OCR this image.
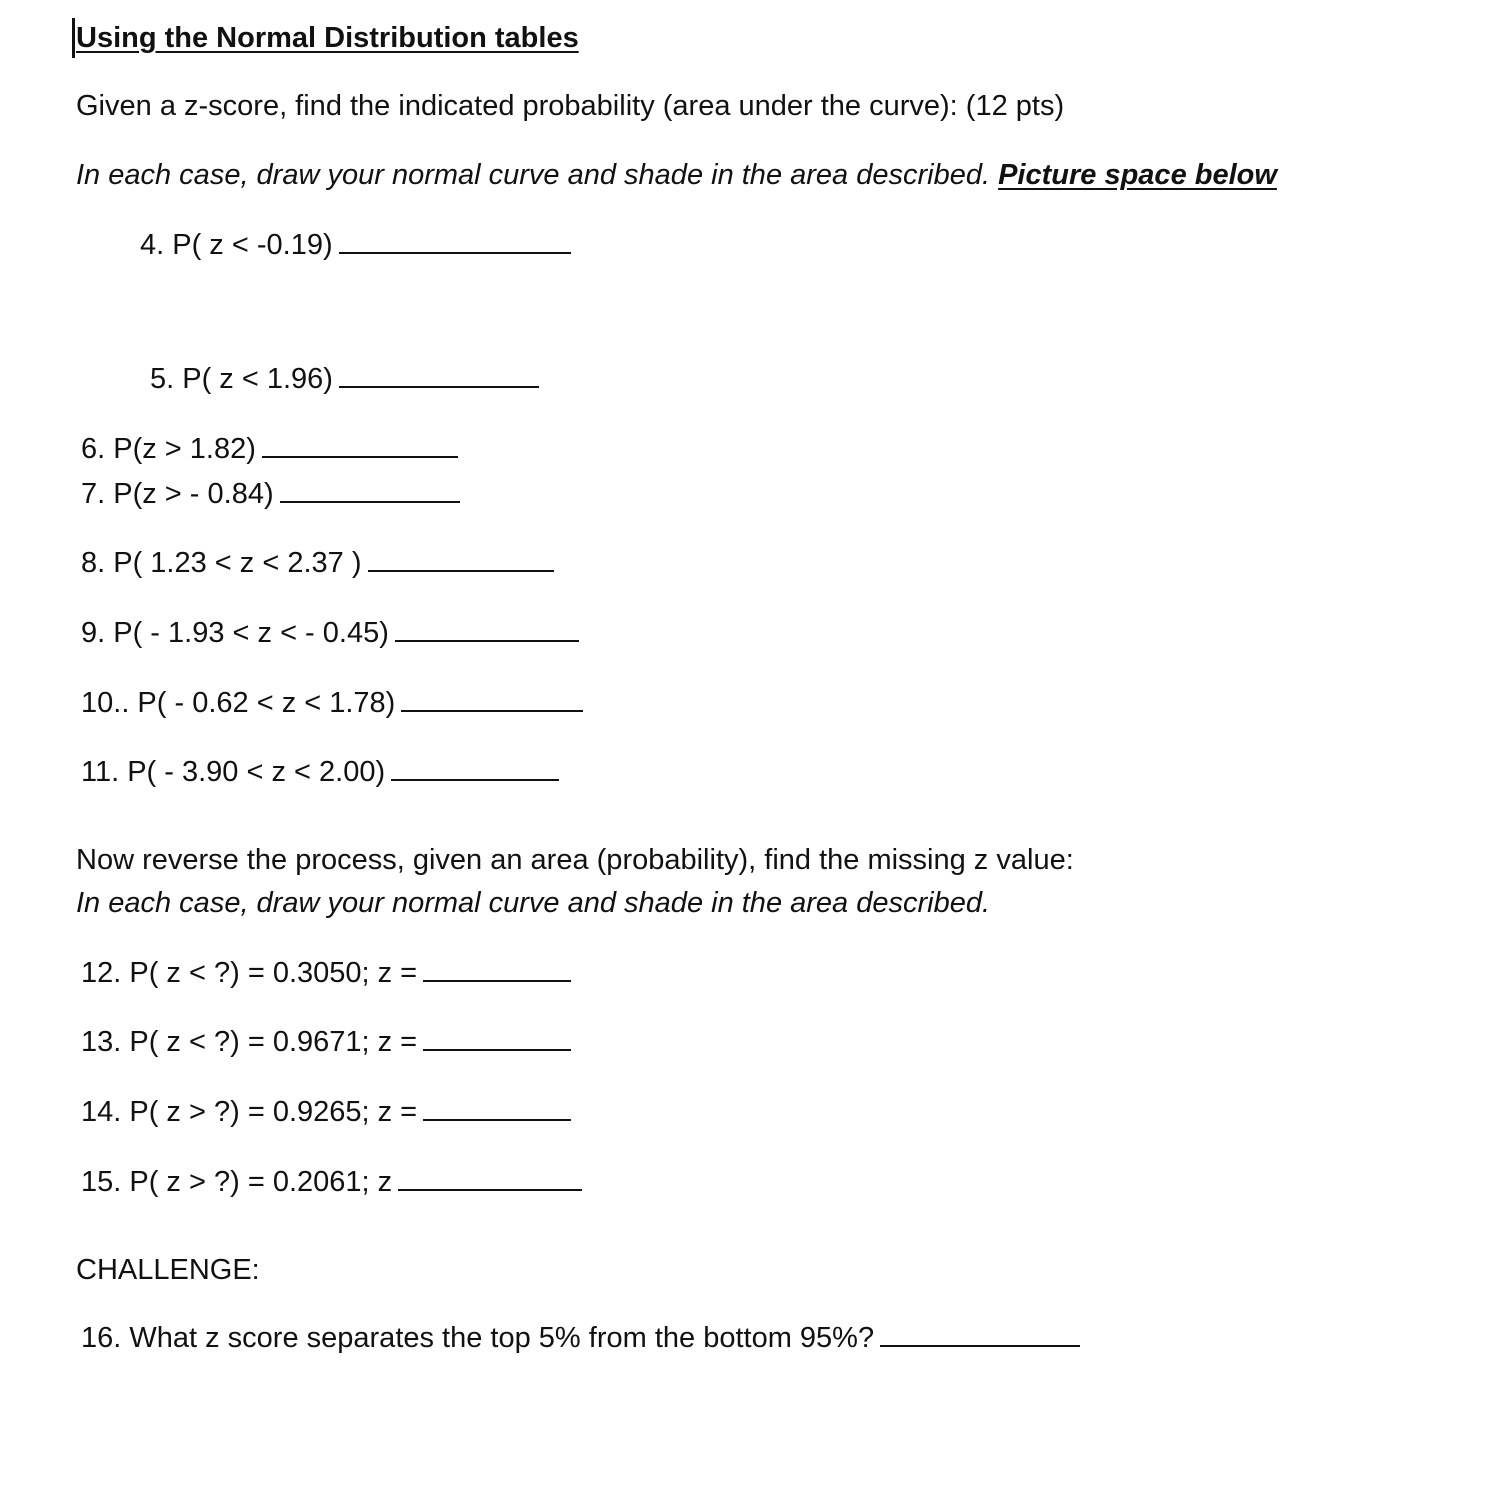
Using the Normal Distribution tables
Given a z-score, find the indicated probability (area under the curve): (12 pts)
In each case, draw your normal curve and shade in the area described. Picture space below
4. P( z < -0.19)
5. P( z < 1.96)
6. P(z > 1.82)
7. P(z > - 0.84)
8. P( 1.23 < z < 2.37 )
9. P( - 1.93 < z < - 0.45)
10.. P( - 0.62 < z < 1.78)
11. P( - 3.90 < z < 2.00)
Now reverse the process, given an area (probability), find the missing z value:
In each case, draw your normal curve and shade in the area described.
12. P( z < ?) = 0.3050; z =
13. P( z < ?) = 0.9671; z =
14. P( z > ?) = 0.9265; z =
15. P( z > ?) = 0.2061; z
CHALLENGE:
16. What z score separates the top 5% from the bottom 95%?
